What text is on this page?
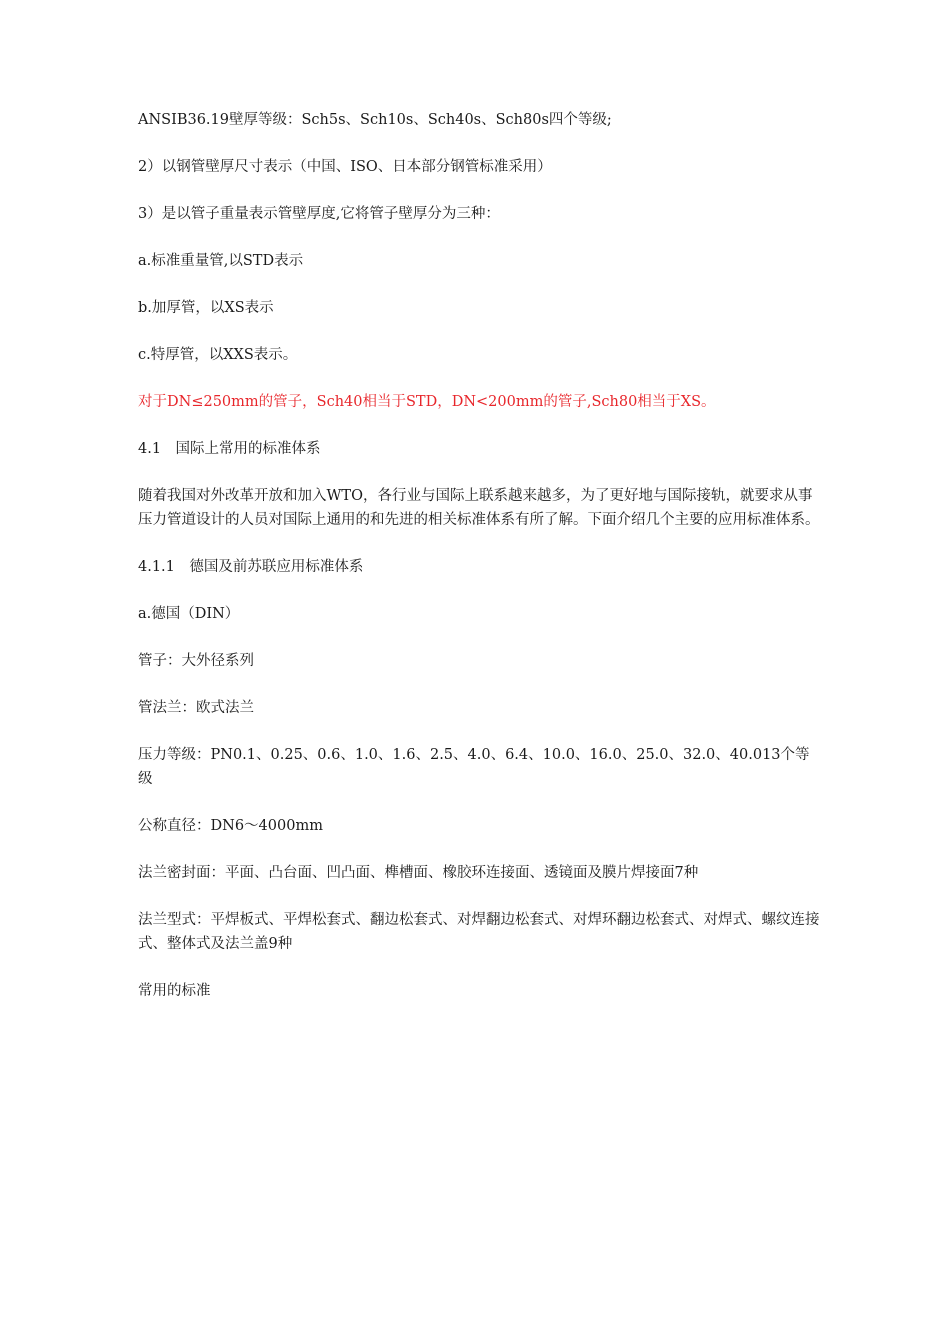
ANSIB36.19壁厚等级：Sch5s、Sch10s、Sch40s、Sch80s四个等级;

2）以钢管壁厚尺寸表示（中国、ISO、日本部分钢管标准采用）

3）是以管子重量表示管壁厚度,它将管子壁厚分为三种：

a.标准重量管,以STD表示

b.加厚管，以XS表示

c.特厚管，以XXS表示。

对于DN≤250mm的管子，Sch40相当于STD，DN<200mm的管子,Sch80相当于XS。

4.1　国际上常用的标准体系

随着我国对外改革开放和加入WTO，各行业与国际上联系越来越多，为了更好地与国际接轨，就要求从事压力管道设计的人员对国际上通用的和先进的相关标准体系有所了解。下面介绍几个主要的应用标准体系。

4.1.1　德国及前苏联应用标准体系

a.德国（DIN）

管子：大外径系列

管法兰：欧式法兰

压力等级：PN0.1、0.25、0.6、1.0、1.6、2.5、4.0、6.4、10.0、16.0、25.0、32.0、40.013个等级

公称直径：DN6～4000mm

法兰密封面：平面、凸台面、凹凸面、榫槽面、橡胶环连接面、透镜面及膜片焊接面7种

法兰型式：平焊板式、平焊松套式、翻边松套式、对焊翻边松套式、对焊环翻边松套式、对焊式、螺纹连接式、整体式及法兰盖9种

常用的标准
